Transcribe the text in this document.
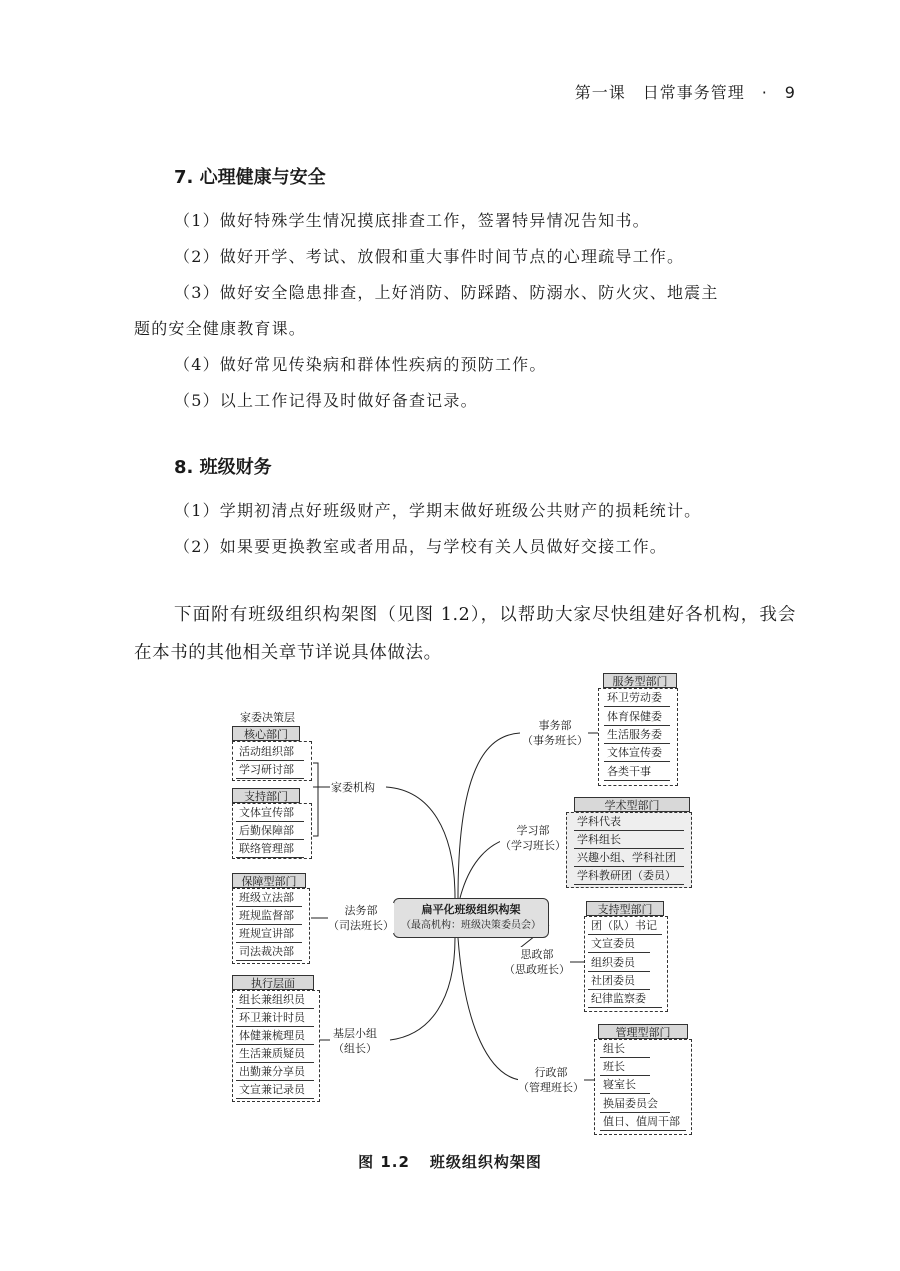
第一课　日常事务管理　·　9
7. 心理健康与安全

（1）做好特殊学生情况摸底排查工作，签署特异情况告知书。

（2）做好开学、考试、放假和重大事件时间节点的心理疏导工作。

（3）做好安全隐患排查，上好消防、防踩踏、防溺水、防火灾、地震主

题的安全健康教育课。

（4）做好常见传染病和群体性疾病的预防工作。

（5）以上工作记得及时做好备查记录。

8. 班级财务

（1）学期初清点好班级财产，学期末做好班级公共财产的损耗统计。

（2）如果要更换教室或者用品，与学校有关人员做好交接工作。

下面附有班级组织构架图（见图 1.2），以帮助大家尽快组建好各机构，我会在本书的其他相关章节详说具体做法。

扁平化班级组织构架
（最高机构：班级决策委员会）
家委机构
法务部
（司法班长）
基层小组
（组长）
事务部
（事务班长）
学习部
（学习班长）
思政部
（思政班长）
行政部
（管理班长）
家委决策层
核心部门
活动组织部
学习研讨部
支持部门
文体宣传部
后勤保障部
联络管理部
保障型部门
班级立法部
班规监督部
班规宣讲部
司法裁决部
执行层面
组长兼组织员
环卫兼计时员
体健兼梳理员
生活兼质疑员
出勤兼分享员
文宣兼记录员
服务型部门
环卫劳动委
体育保健委
生活服务委
文体宣传委
各类干事
学术型部门
学科代表
学科组长
兴趣小组、学科社团
学科教研团（委员）
支持型部门
团（队）书记
文宣委员
组织委员
社团委员
纪律监察委
管理型部门
组长
班长
寝室长
换届委员会
值日、值周干部
图 1.2 班级组织构架图
